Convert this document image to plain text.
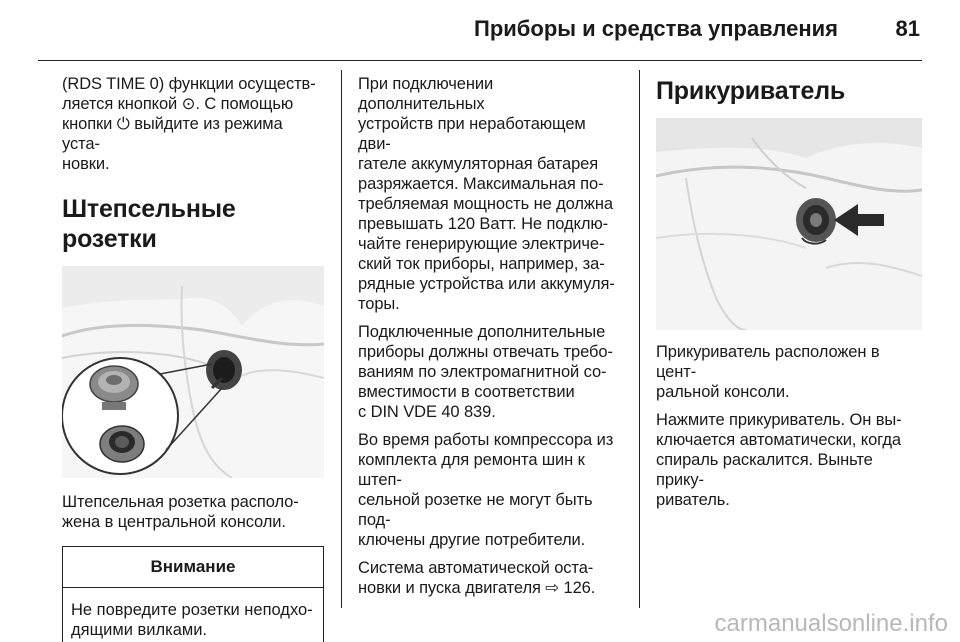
Приборы и средства управления	81

(RDS TIME 0) функции осуществ-
ляется кнопкой ⊙. С помощью
кнопки ⏻ выйдите из режима уста-
новки.

Штепсельные розетки

Штепсельная розетка располо-
жена в центральной консоли.

Внимание
Не повредите розетки неподхо-
дящими вилками.

При подключении дополнительных
устройств при неработающем дви-
гателе аккумуляторная батарея
разряжается. Максимальная по-
требляемая мощность не должна
превышать 120 Ватт. Не подклю-
чайте генерирующие электриче-
ский ток приборы, например, за-
рядные устройства или аккумуля-
торы.

Подключенные дополнительные
приборы должны отвечать требо-
ваниям по электромагнитной со-
вместимости в соответствии
с DIN VDE 40 839.

Во время работы компрессора из
комплекта для ремонта шин к штеп-
сельной розетке не могут быть под-
ключены другие потребители.

Система автоматической оста-
новки и пуска двигателя ⇨ 126.

Прикуриватель

Прикуриватель расположен в цент-
ральной консоли.

Нажмите прикуриватель. Он вы-
ключается автоматически, когда
спираль раскалится. Выньте прику-
риватель.

carmanualsonline.info
